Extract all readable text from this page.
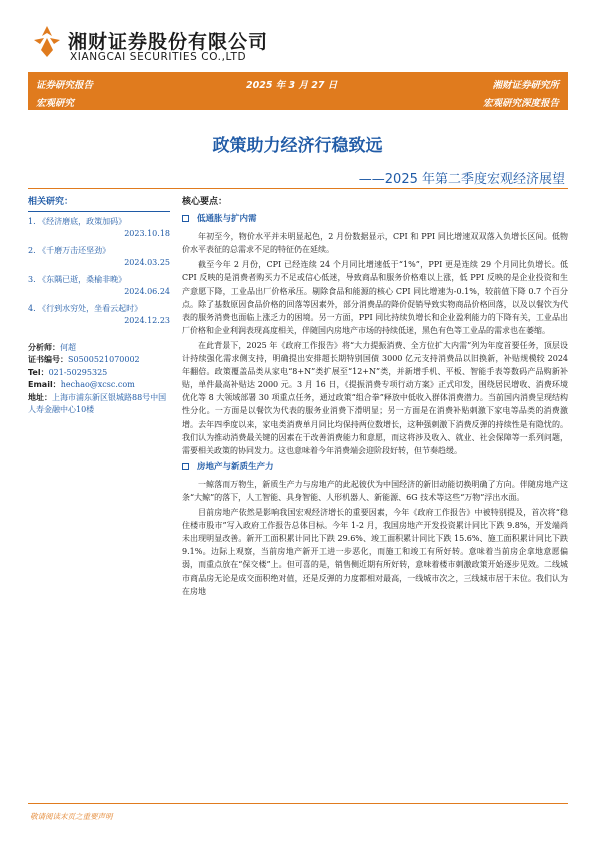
湘财证券股份有限公司
XIANGCAI SECURITIES CO.,LTD
证券研究报告	2025 年 3 月 27 日	湘财证券研究所
宏观研究	宏观研究深度报告
政策助力经济行稳致远
——2025 年第二季度宏观经济展望
相关研究：
1. 《经济磨底，政策加码》
2023.10.18
2. 《千磨万击还坚劲》
2024.03.25
3. 《东隅已逝，桑榆非晚》
2024.06.24
4. 《行到水穷处，坐看云起时》
2024.12.23
分析师：何超
证书编号：S0500521070002
Tel：021-50295325
Email：hechao@xcsc.com
地址：上海市浦东新区银城路88号中国人寿金融中心10楼
核心要点：
低通胀与扩内需

年初至今，物价水平并未明显起色，2 月份数据显示，CPI 和 PPI 同比增速双双落入负增长区间。低物价水平表征的总需求不足的特征仍在延续。

截至今年 2 月份，CPI 已经连续 24 个月同比增速低于“1%”，PPI 更是连续 29 个月同比负增长。低 CPI 反映的是消费者购买力不足或信心低迷，导致商品和服务价格难以上涨，低 PPI 反映的是企业投资和生产意愿下降，工业品出厂价格承压。剔除食品和能源的核心 CPI 同比增速为-0.1%，较前值下降 0.7 个百分点。除了基数原因食品价格的回落等因素外，部分消费品的降价促销导致实物商品价格回落，以及以餐饮为代表的服务消费也面临上涨乏力的困境。另一方面，PPI 同比持续负增长和企业盈利能力的下降有关，工业品出厂价格和企业利润表现高度相关，伴随国内房地产市场的持续低迷，黑色有色等工业品的需求也在萎缩。

在此背景下，2025 年《政府工作报告》将“大力提振消费、全方位扩大内需”列为年度首要任务，顶层设计持续强化需求侧支持，明确提出安排超长期特别国债 3000 亿元支持消费品以旧换新，补贴规模较 2024 年翻倍。政策覆盖品类从家电“8+N”类扩展至“12+N”类，并新增手机、平板、智能手表等数码产品购新补贴，单件最高补贴达 2000 元。3 月 16 日，《提振消费专项行动方案》正式印发，围绕居民增收、消费环境优化等 8 大领域部署 30 项重点任务，通过政策“组合拳”释放中低收入群体消费潜力。当前国内消费呈现结构性分化。一方面是以餐饮为代表的服务业消费下滑明显；另一方面是在消费补贴刺激下家电等品类的消费激增。去年四季度以来，家电类消费单月同比均保持两位数增长，这种强刺激下消费反弹的持续性是有隐忧的。我们认为推动消费最关键的因素在于改善消费能力和意愿，而这将涉及收入、就业、社会保障等一系列问题，需要相关政策的协同发力。这也意味着今年消费端会迎阶段好转，但节奏趋缓。

房地产与新质生产力

一鲸落而万物生，新质生产力与房地产的此起彼伏为中国经济的新旧动能切换明确了方向。伴随房地产这条“大鲸”的落下，人工智能、具身智能、人形机器人、新能源、6G 技术等这些“万物”浮出水面。

目前房地产依然是影响我国宏观经济增长的重要因素，今年《政府工作报告》中被特别提及，首次将“稳住楼市股市”写入政府工作报告总体目标。今年 1-2 月，我国房地产开发投资累计同比下跌 9.8%，开发端尚未出现明显改善。新开工面积累计同比下跌 29.6%、竣工面积累计同比下跌 15.6%、施工面积累计同比下跌 9.1%。边际上观察，当前房地产新开工进一步恶化，而施工和竣工有所好转。意味着当前房企拿地意愿偏弱，而重点放在“保交楼”上。但可喜的是，销售侧近期有所好转，意味着楼市刺激政策开始逐步见效。二线城市商品房无论是成交面积绝对值，还是反弹的力度都相对最高，一线城市次之，三线城市居于末位。我们认为在房地

敬请阅读末页之重要声明
